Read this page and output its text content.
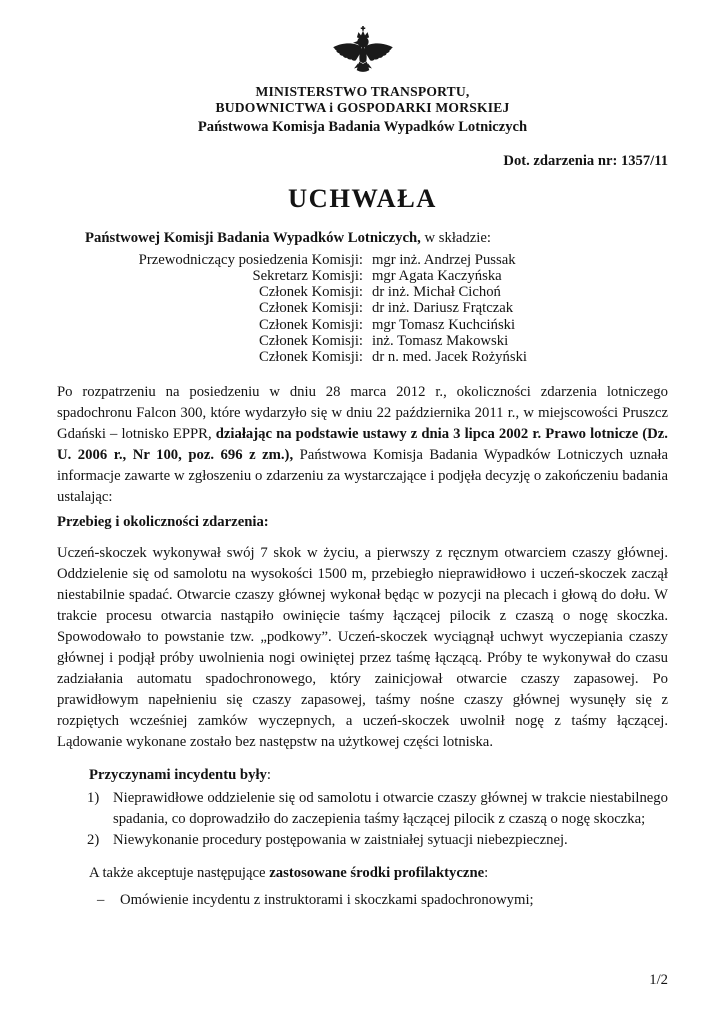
MINISTERSTWO TRANSPORTU,
BUDOWNICTWA i GOSPODARKI MORSKIEJ
Państwowa Komisja Badania Wypadków Lotniczych
Dot. zdarzenia nr: 1357/11
UCHWAŁA
Państwowej Komisji Badania Wypadków Lotniczych, w składzie:
Przewodniczący posiedzenia Komisji: mgr inż. Andrzej Pussak
Sekretarz Komisji: mgr Agata Kaczyńska
Członek Komisji: dr inż. Michał Cichoń
Członek Komisji: dr inż. Dariusz Frątczak
Członek Komisji: mgr Tomasz Kuchciński
Członek Komisji: inż. Tomasz Makowski
Członek Komisji: dr n. med. Jacek Rożyński

Po rozpatrzeniu na posiedzeniu w dniu 28 marca 2012 r., okoliczności zdarzenia lotniczego spadochronu Falcon 300, które wydarzyło się w dniu 22 października 2011 r., w miejscowości Pruszcz Gdański – lotnisko EPPR, działając na podstawie ustawy z dnia 3 lipca 2002 r. Prawo lotnicze (Dz. U. 2006 r., Nr 100, poz. 696 z zm.), Państwowa Komisja Badania Wypadków Lotniczych uznała informacje zawarte w zgłoszeniu o zdarzeniu za wystarczające i podjęła decyzję o zakończeniu badania ustalając:

Przebieg i okoliczności zdarzenia:

Uczeń-skoczek wykonywał swój 7 skok w życiu, a pierwszy z ręcznym otwarciem czaszy głównej. Oddzielenie się od samolotu na wysokości 1500 m, przebiegło nieprawidłowo i uczeń-skoczek zaczął niestabilnie spadać. Otwarcie czaszy głównej wykonał będąc w pozycji na plecach i głową do dołu. W trakcie procesu otwarcia nastąpiło owinięcie taśmy łączącej pilocik z czaszą o nogę skoczka. Spowodowało to powstanie tzw. „podkowy”. Uczeń-skoczek wyciągnął uchwyt wyczepiania czaszy głównej i podjął próby uwolnienia nogi owiniętej przez taśmę łączącą. Próby te wykonywał do czasu zadziałania automatu spadochronowego, który zainicjował otwarcie czaszy zapasowej. Po prawidłowym napełnieniu się czaszy zapasowej, taśmy nośne czaszy głównej wysunęły się z rozpiętych wcześniej zamków wyczepnych, a uczeń-skoczek uwolnił nogę z taśmy łączącej. Lądowanie wykonane zostało bez następstw na użytkowej części lotniska.

Przyczynami incydentu były:

1) Nieprawidłowe oddzielenie się od samolotu i otwarcie czaszy głównej w trakcie niestabilnego spadania, co doprowadziło do zaczepienia taśmy łączącej pilocik z czaszą o nogę skoczka;
2) Niewykonanie procedury postępowania w zaistniałej sytuacji niebezpiecznej.

A także akceptuje następujące zastosowane środki profilaktyczne:

–	Omówienie incydentu z instruktorami i skoczkami spadochronowymi;
1/2
